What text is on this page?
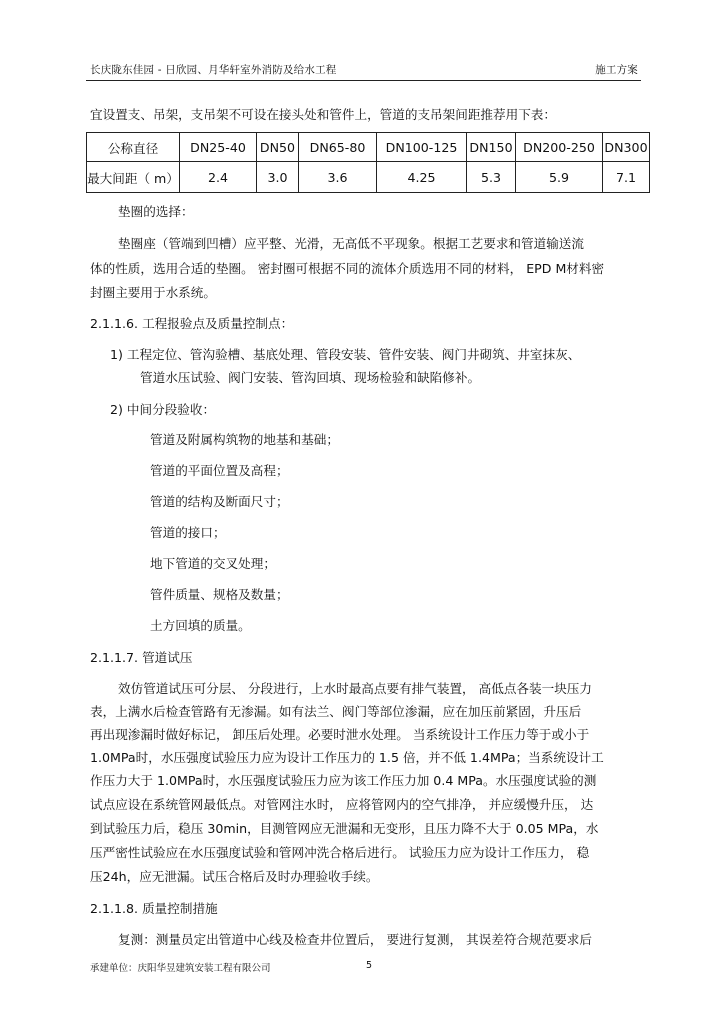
长庆陇东佳园 - 日欣园、月华轩室外消防及给水工程	施工方案
宜设置支、吊架，支吊架不可设在接头处和管件上，管道的支吊架间距推荐用下表：
公称直径	DN25-40	DN50	DN65-80	DN100-125	DN150	DN200-250	DN300
最大间距（ m）	2.4	3.0	3.6	4.25	5.3	5.9	7.1
垫圈的选择：
垫圈座（管端到凹槽）应平整、光滑，无高低不平现象。根据工艺要求和管道输送流
体的性质，选用合适的垫圈。 密封圈可根据不同的流体介质选用不同的材料， EPD M材料密
封圈主要用于水系统。
2.1.1.6. 工程报验点及质量控制点：
1) 工程定位、管沟验槽、基底处理、管段安装、管件安装、阀门井砌筑、井室抹灰、
管道水压试验、阀门安装、管沟回填、现场检验和缺陷修补。
2) 中间分段验收：
管道及附属构筑物的地基和基础；
管道的平面位置及高程；
管道的结构及断面尺寸；
管道的接口；
地下管道的交叉处理；
管件质量、规格及数量；
土方回填的质量。
2.1.1.7. 管道试压
效仿管道试压可分层、 分段进行，上水时最高点要有排气装置， 高低点各装一块压力
表，上满水后检查管路有无渗漏。如有法兰、阀门等部位渗漏，应在加压前紧固，升压后
再出现渗漏时做好标记， 卸压后处理。必要时泄水处理。 当系统设计工作压力等于或小于
1.0MPa时，水压强度试验压力应为设计工作压力的 1.5 倍，并不低 1.4MPa；当系统设计工
作压力大于 1.0MPa时，水压强度试验压力应为该工作压力加 0.4 MPa。水压强度试验的测
试点应设在系统管网最低点。对管网注水时， 应将管网内的空气排净， 并应缓慢升压， 达
到试验压力后，稳压 30min，目测管网应无泄漏和无变形，且压力降不大于 0.05 MPa，水
压严密性试验应在水压强度试验和管网冲洗合格后进行。 试验压力应为设计工作压力， 稳
压24h，应无泄漏。试压合格后及时办理验收手续。
2.1.1.8. 质量控制措施
复测：测量员定出管道中心线及检查井位置后， 要进行复测， 其误差符合规范要求后
承建单位：庆阳华昱建筑安装工程有限公司	5
